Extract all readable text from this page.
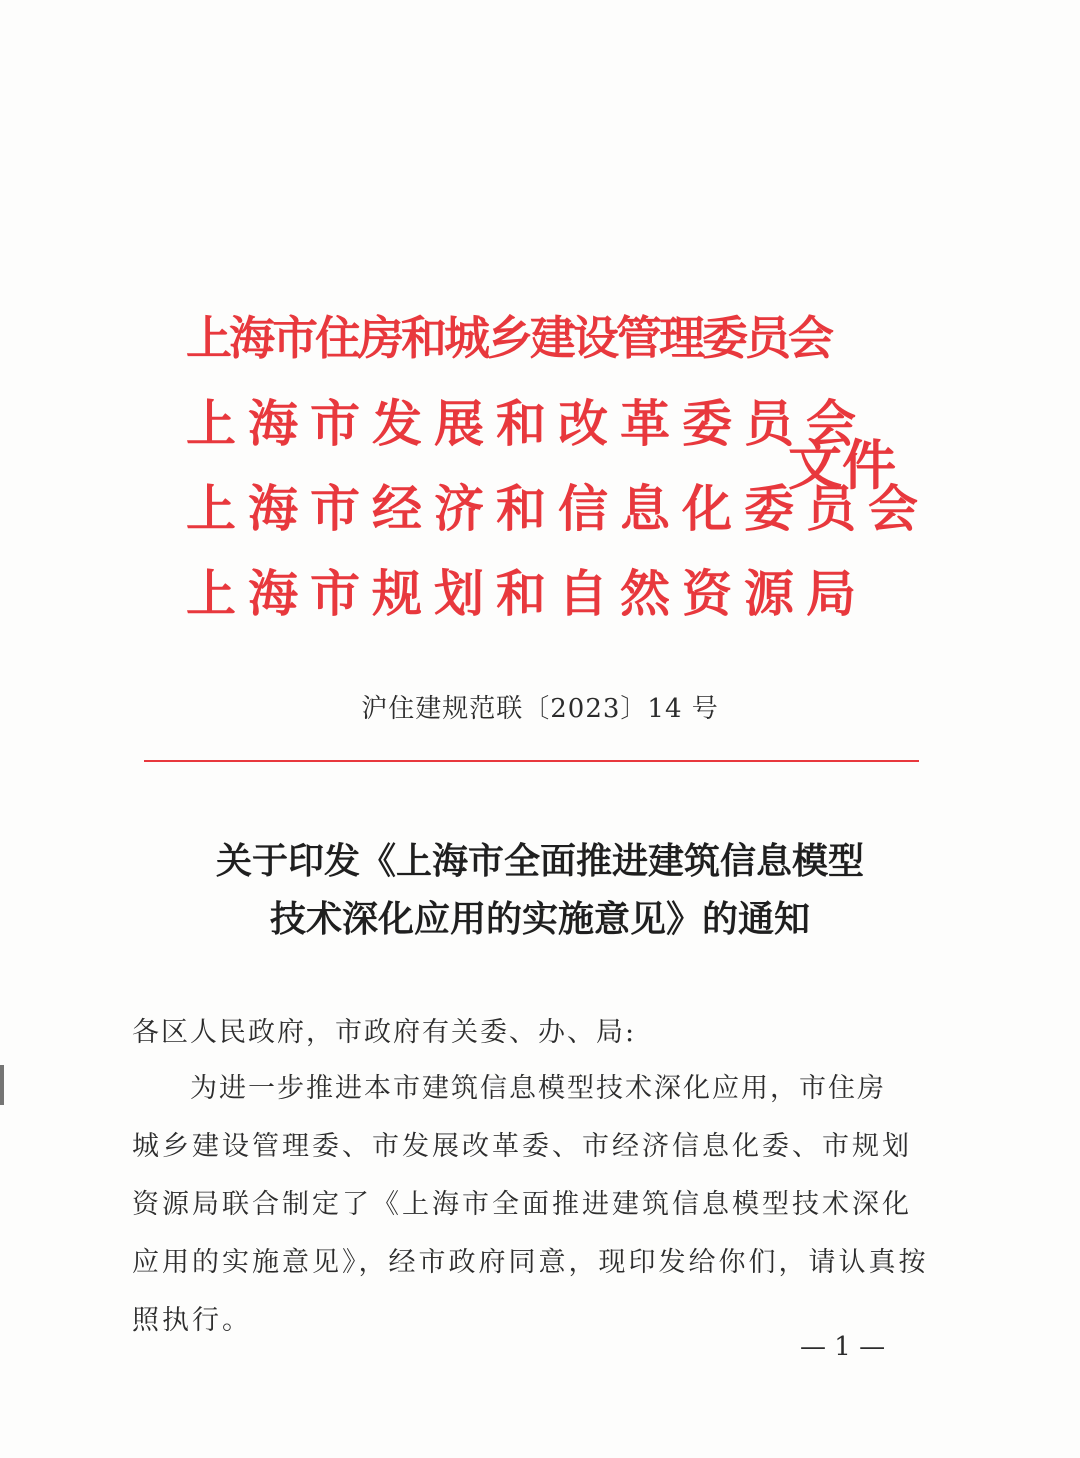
上海市住房和城乡建设管理委员会
上海市发展和改革委员会
上海市经济和信息化委员会
上海市规划和自然资源局
文件
沪住建规范联〔2023〕14 号
关于印发《上海市全面推进建筑信息模型
技术深化应用的实施意见》的通知
各区人民政府，市政府有关委、办、局:
为进一步推进本市建筑信息模型技术深化应用，市住房
城乡建设管理委、市发展改革委、市经济信息化委、市规划
资源局联合制定了《上海市全面推进建筑信息模型技术深化
应用的实施意见》，经市政府同意，现印发给你们，请认真按
照执行。
— 1 —
